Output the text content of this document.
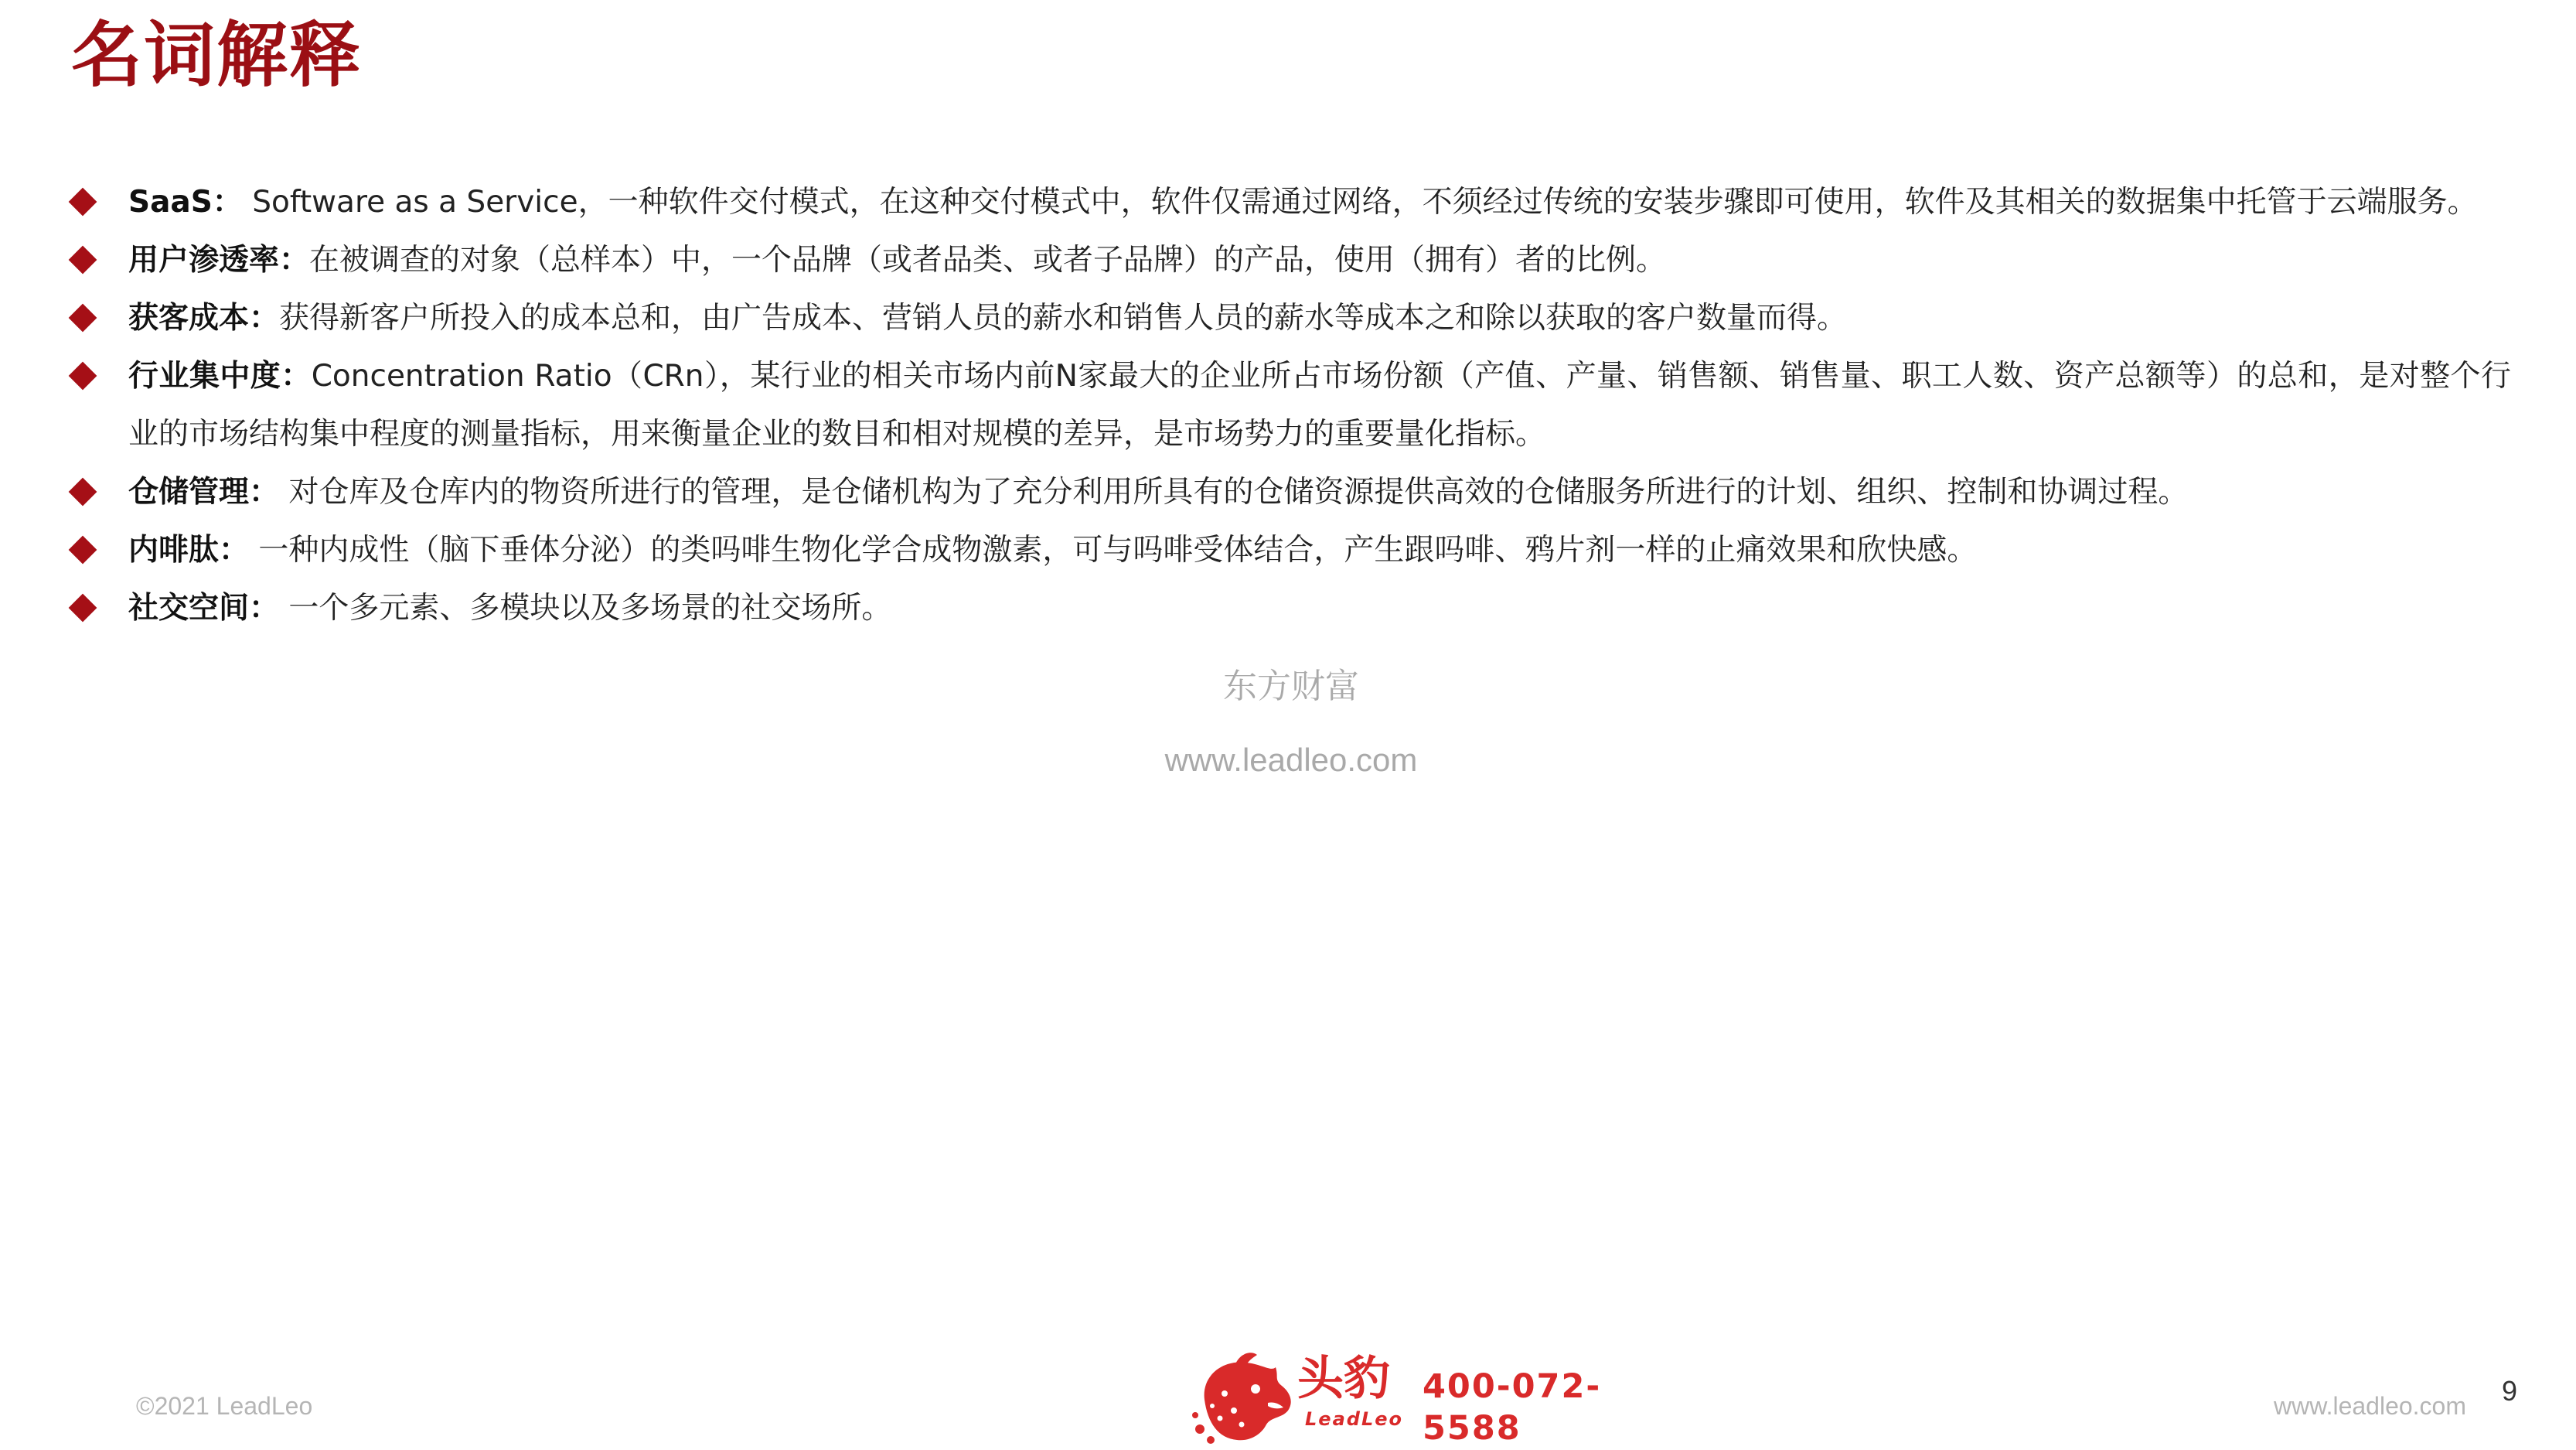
名词解释
SaaS： Software as a Service，一种软件交付模式，在这种交付模式中，软件仅需通过网络，不须经过传统的安装步骤即可使用，软件及其相关的数据集中托管于云端服务。
用户渗透率：在被调查的对象（总样本）中，一个品牌（或者品类、或者子品牌）的产品，使用（拥有）者的比例。
获客成本：获得新客户所投入的成本总和，由广告成本、营销人员的薪水和销售人员的薪水等成本之和除以获取的客户数量而得。
行业集中度：Concentration Ratio（CRn），某行业的相关市场内前N家最大的企业所占市场份额（产值、产量、销售额、销售量、职工人数、资产总额等）的总和，是对整个行业的市场结构集中程度的测量指标，用来衡量企业的数目和相对规模的差异，是市场势力的重要量化指标。
仓储管理： 对仓库及仓库内的物资所进行的管理，是仓储机构为了充分利用所具有的仓储资源提供高效的仓储服务所进行的计划、组织、控制和协调过程。
内啡肽： 一种内成性（脑下垂体分泌）的类吗啡生物化学合成物激素，可与吗啡受体结合，产生跟吗啡、鸦片剂一样的止痛效果和欣快感。
社交空间： 一个多元素、多模块以及多场景的社交场所。
东方财富
www.leadleo.com
©2021 LeadLeo	头豹
LeadLeo
400-072-5588
www.leadleo.com 9
